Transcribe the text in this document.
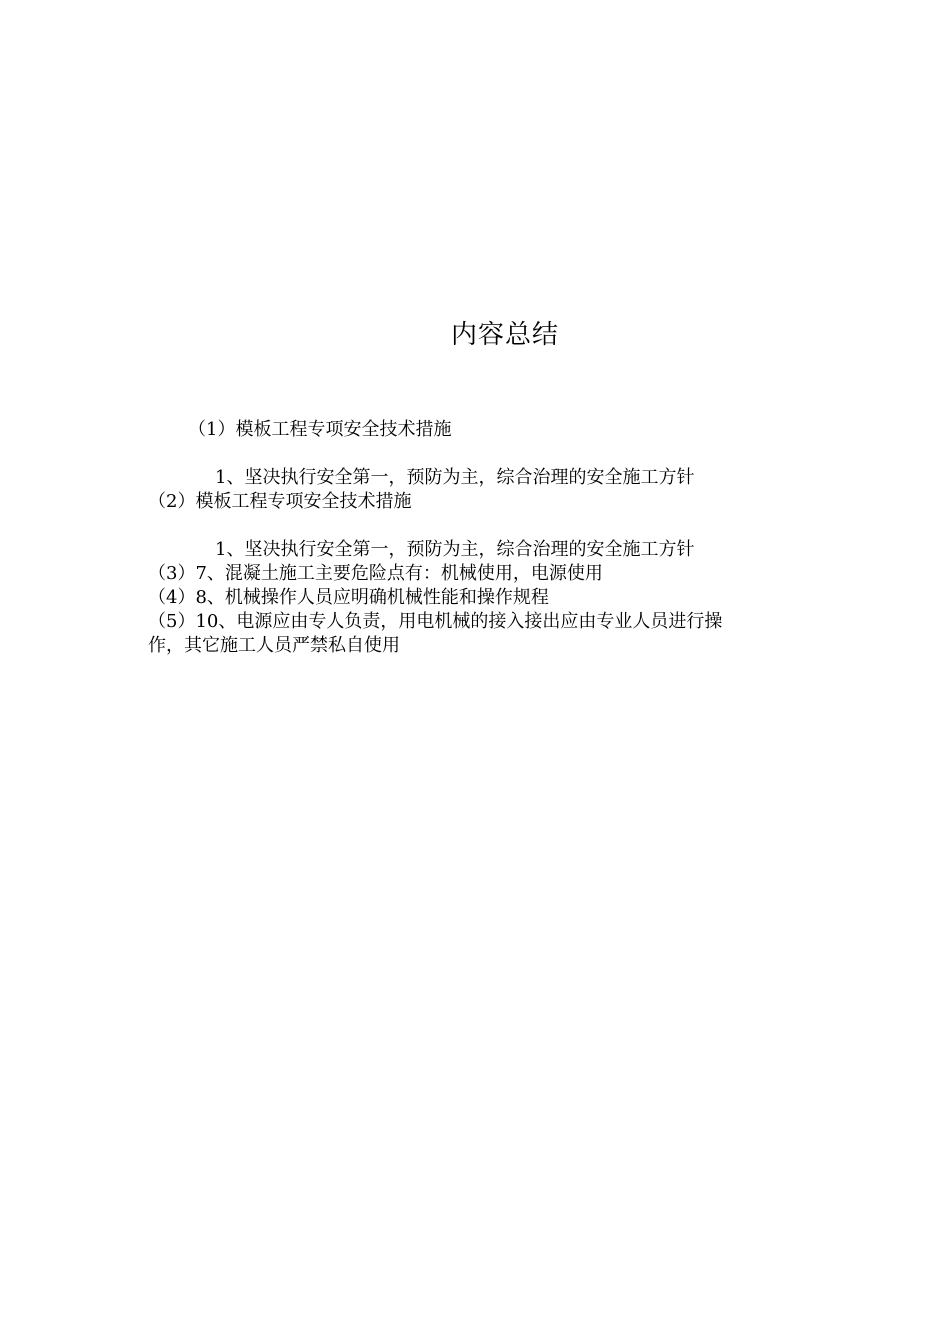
内容总结
（1）模板工程专项安全技术措施
1、坚决执行安全第一，预防为主，综合治理的安全施工方针
（2）模板工程专项安全技术措施
1、坚决执行安全第一，预防为主，综合治理的安全施工方针
（3）7、混凝土施工主要危险点有：机械使用，电源使用
（4）8、机械操作人员应明确机械性能和操作规程
（5）10、电源应由专人负责，用电机械的接入接出应由专业人员进行操
作，其它施工人员严禁私自使用
